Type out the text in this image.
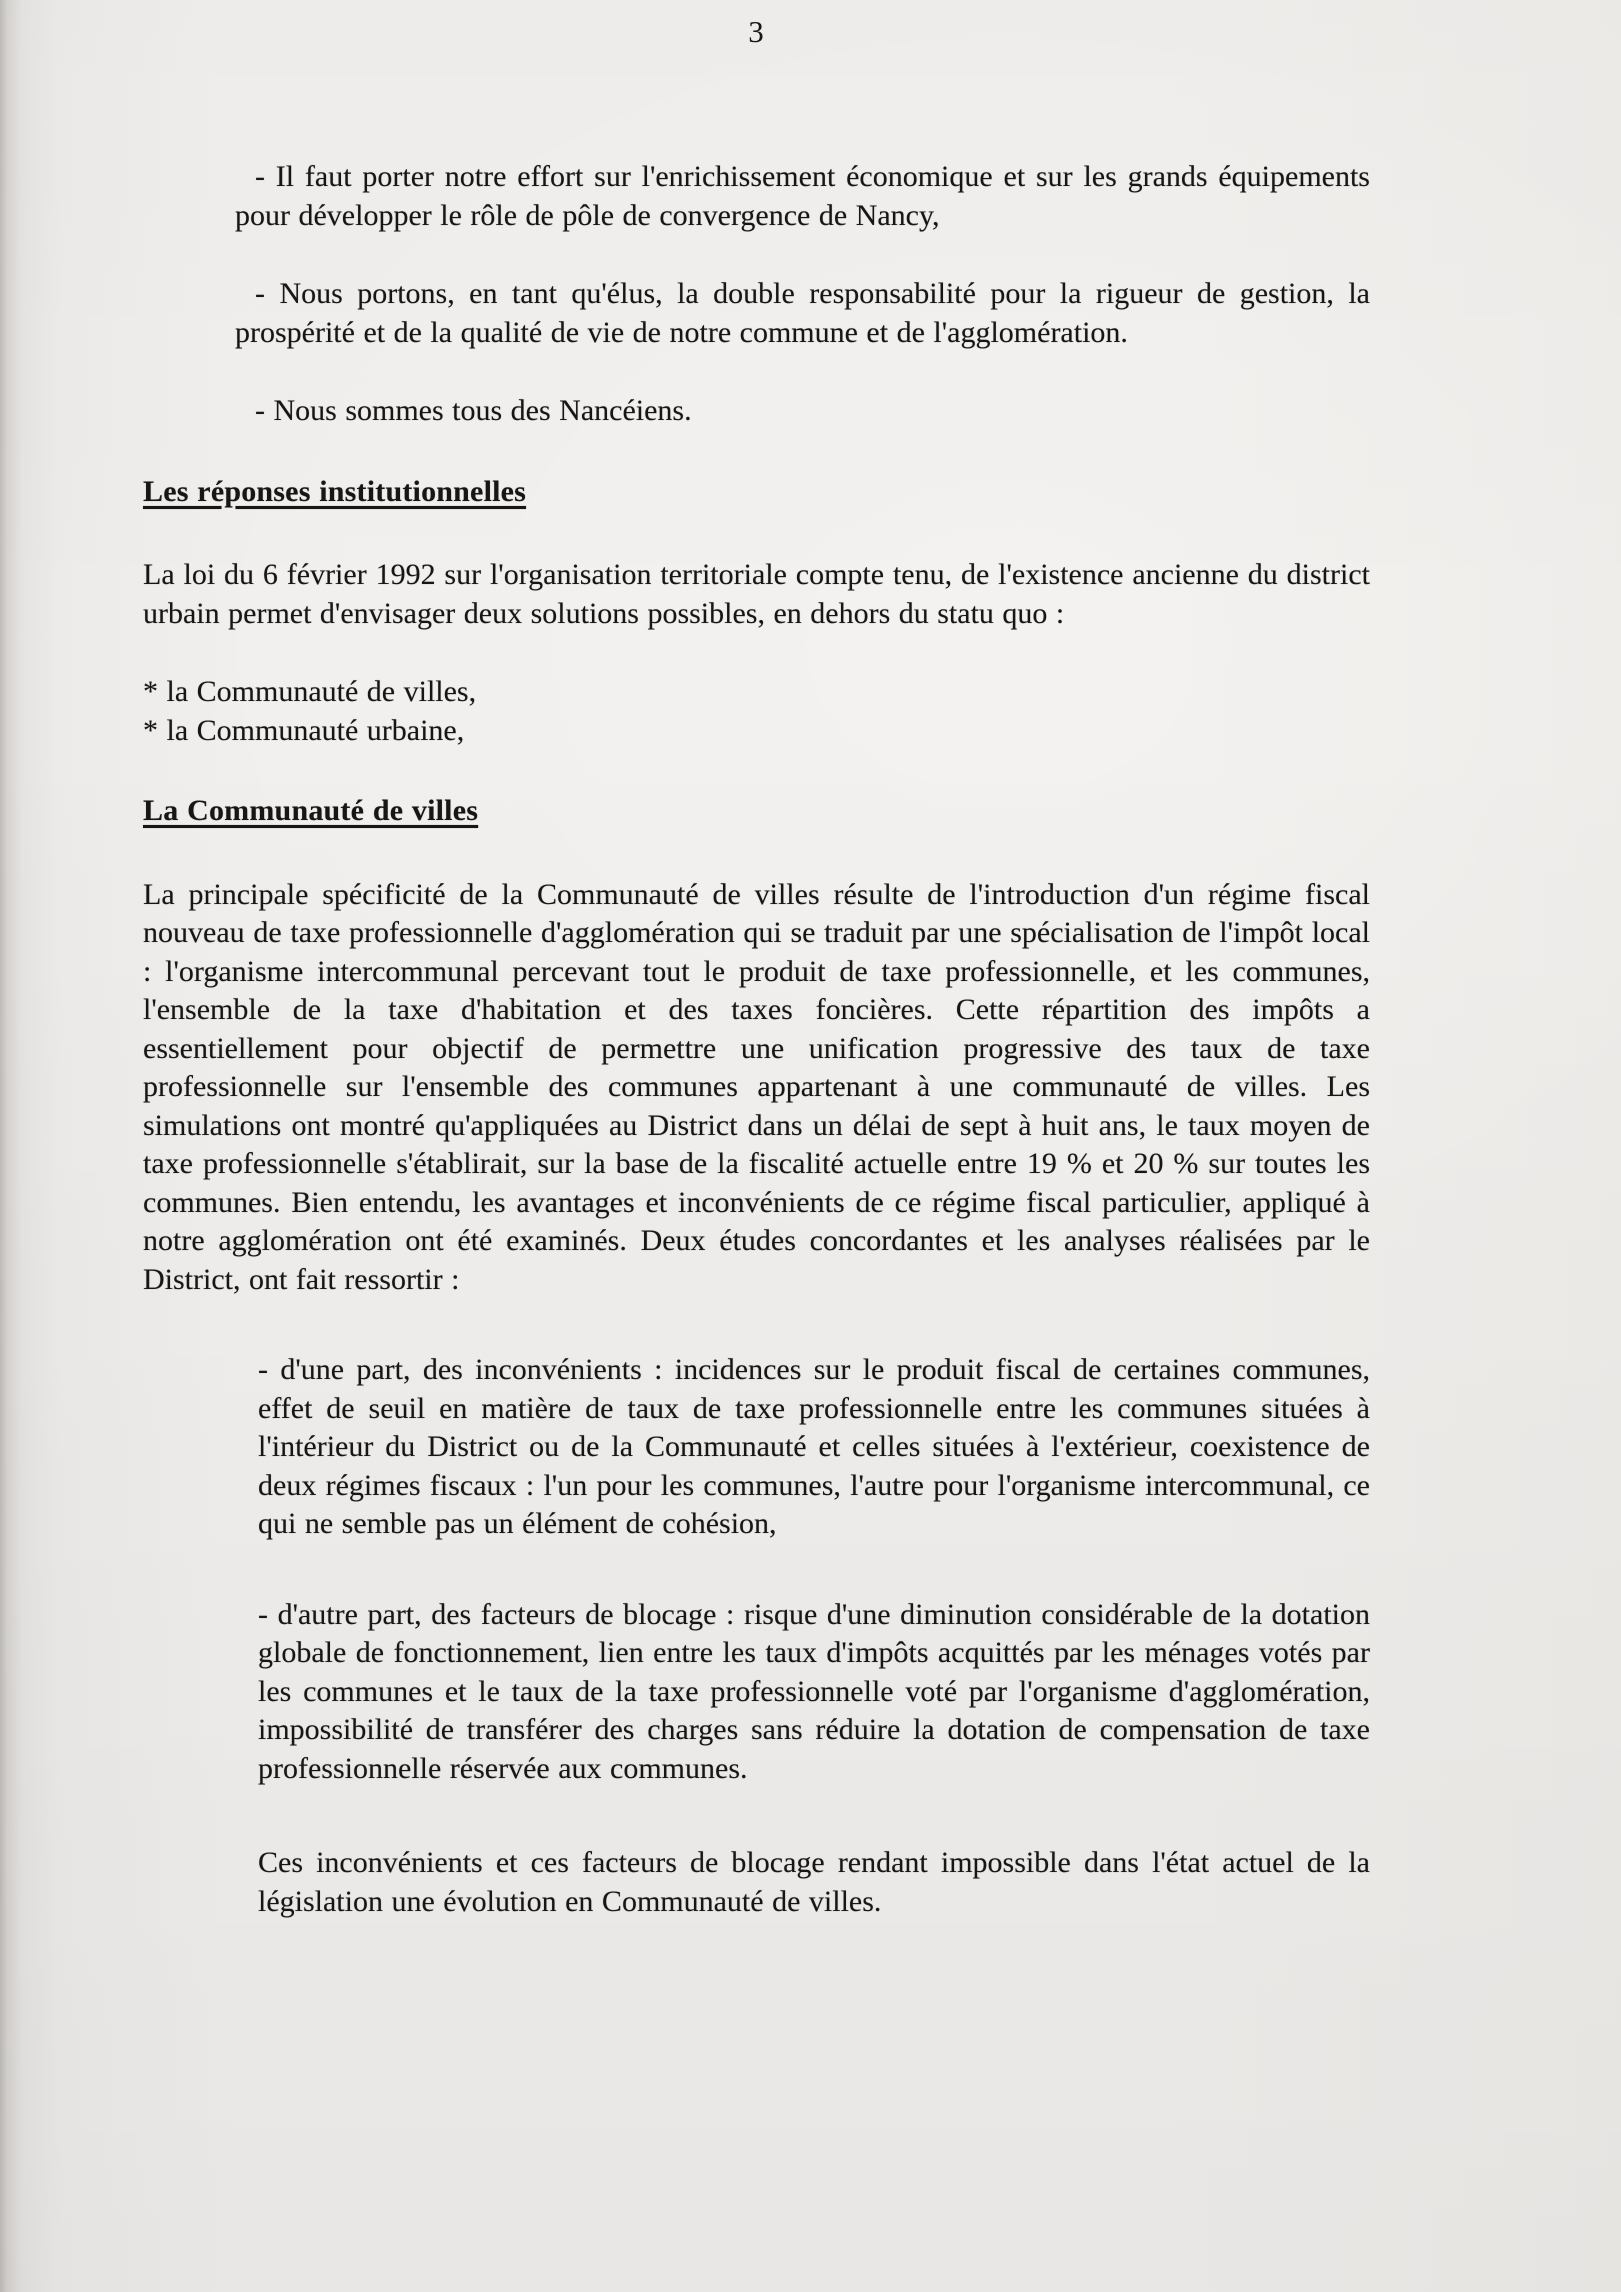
3

- Il faut porter notre effort sur l'enrichissement économique et sur les grands équipements pour développer le rôle de pôle de convergence de Nancy,

- Nous portons, en tant qu'élus, la double responsabilité pour la rigueur de gestion, la prospérité et de la qualité de vie de notre commune et de l'agglomération.

- Nous sommes tous des Nancéiens.

Les réponses institutionnelles

La loi du 6 février 1992 sur l'organisation territoriale compte tenu, de l'existence ancienne du district urbain permet d'envisager deux solutions possibles, en dehors du statu quo :

* la Communauté de villes,

* la Communauté urbaine,

La Communauté de villes

La principale spécificité de la Communauté de villes résulte de l'introduction d'un régime fiscal nouveau de taxe professionnelle d'agglomération qui se traduit par une spécialisation de l'impôt local : l'organisme intercommunal percevant tout le produit de taxe professionnelle, et les communes, l'ensemble de la taxe d'habitation et des taxes foncières. Cette répartition des impôts a essentiellement pour objectif de permettre une unification progressive des taux de taxe professionnelle sur l'ensemble des communes appartenant à une communauté de villes. Les simulations ont montré qu'appliquées au District dans un délai de sept à huit ans, le taux moyen de taxe professionnelle s'établirait, sur la base de la fiscalité actuelle entre 19 % et 20 % sur toutes les communes. Bien entendu, les avantages et inconvénients de ce régime fiscal particulier, appliqué à notre agglomération ont été examinés. Deux études concordantes et les analyses réalisées par le District, ont fait ressortir :

- d'une part, des inconvénients : incidences sur le produit fiscal de certaines communes, effet de seuil en matière de taux de taxe professionnelle entre les communes situées à l'intérieur du District ou de la Communauté et celles situées à l'extérieur, coexistence de deux régimes fiscaux : l'un pour les communes, l'autre pour l'organisme intercommunal, ce qui ne semble pas un élément de cohésion,

- d'autre part, des facteurs de blocage : risque d'une diminution considérable de la dotation globale de fonctionnement, lien entre les taux d'impôts acquittés par les ménages votés par les communes et le taux de la taxe professionnelle voté par l'organisme d'agglomération, impossibilité de transférer des charges sans réduire la dotation de compensation de taxe professionnelle réservée aux communes.

Ces inconvénients et ces facteurs de blocage rendant impossible dans l'état actuel de la législation une évolution en Communauté de villes.
